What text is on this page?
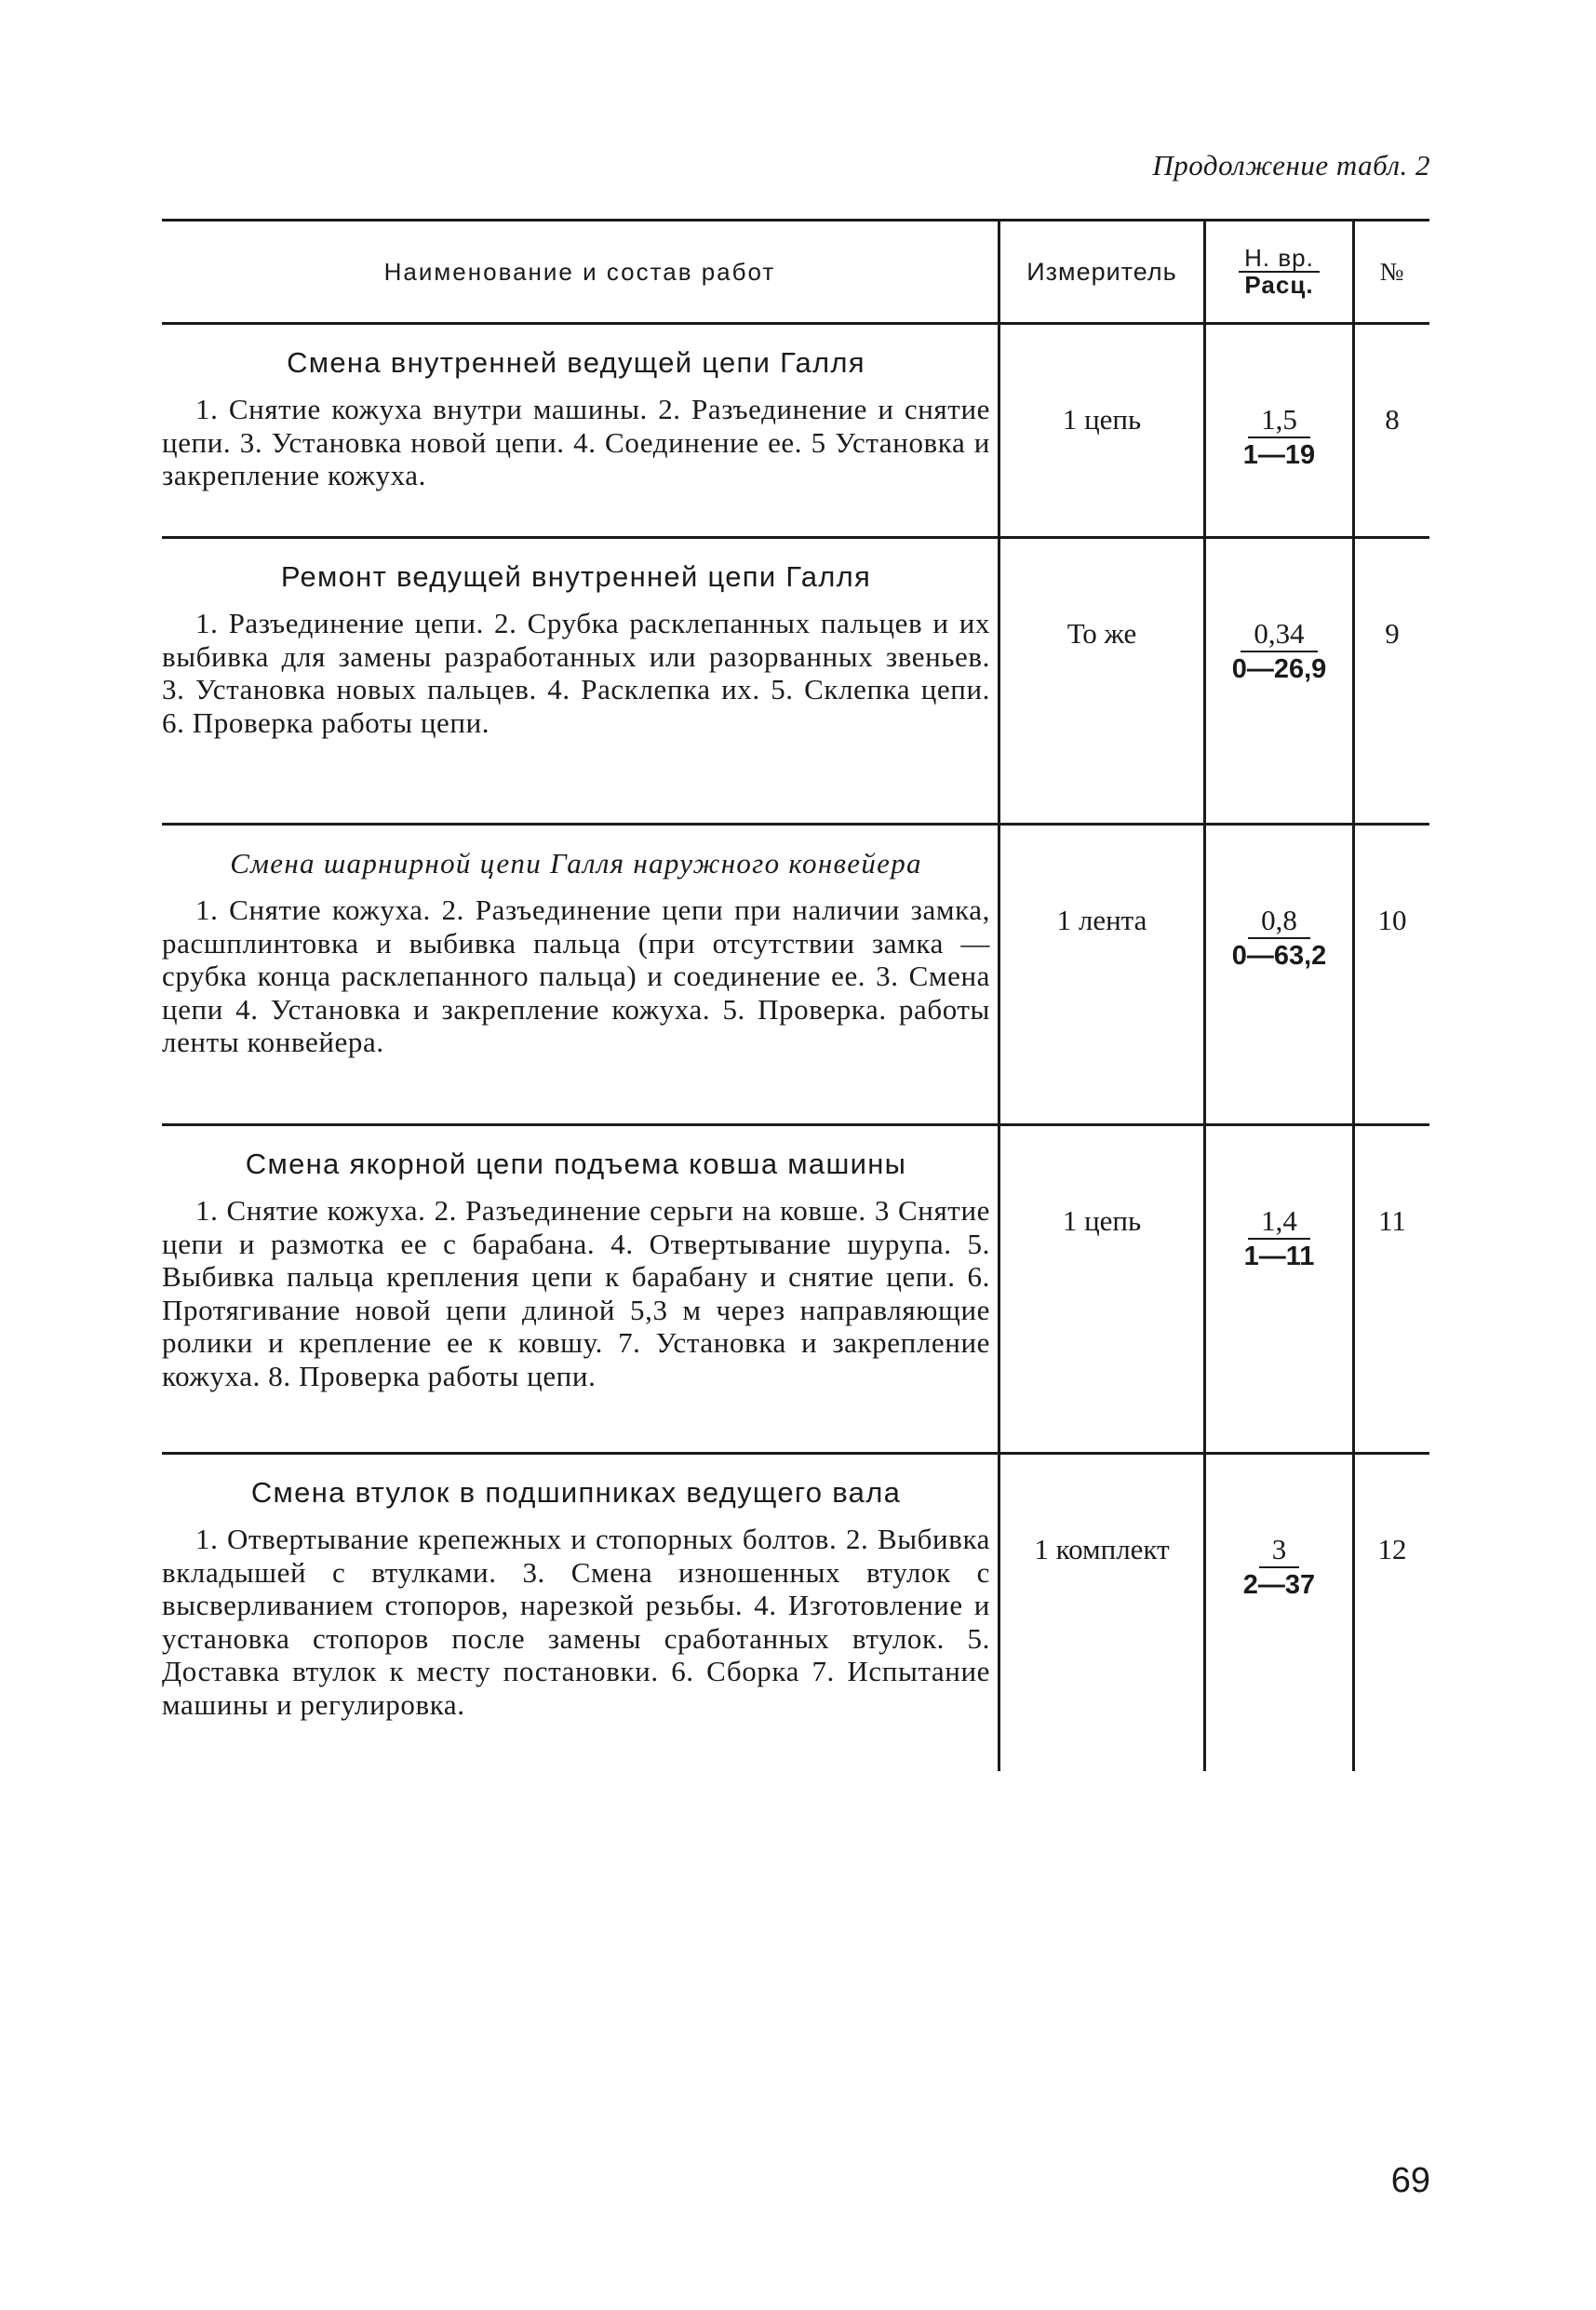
Продолжение табл. 2
Наименование и состав работ	Измеритель	$\frac{Н. вр.}{\text{Расц.}}$	№
Смена внутренней ведущей цепи Галля

1. Снятие кожуха внутри машины. 2. Разъединение и снятие цепи. 3. Установка новой цепи. 4. Соединение ее. 5 Установка и закрепление кожуха.

1 цепь	$\frac{1,5}{1—19}$	8
Ремонт ведущей внутренней цепи Галля

1. Разъединение цепи. 2. Срубка расклепанных пальцев и их выбивка для замены разработанных или разорванных звеньев. 3. Установка новых пальцев. 4. Расклепка их. 5. Склепка цепи. 6. Проверка работы цепи.

То же	$\frac{0,34}{0—26,9}$	9
Смена шарнирной цепи Галля наружного конвейера

1. Снятие кожуха. 2. Разъединение цепи при наличии замка, расшплинтовка и выбивка пальца (при отсутствии замка — срубка конца расклепанного пальца) и соединение ее. 3. Смена цепи 4. Установка и закрепление кожуха. 5. Проверка. работы ленты конвейера.

1 лента	$\frac{0,8}{0—63,2}$	10
Смена якорной цепи подъема ковша машины

1. Снятие кожуха. 2. Разъединение серьги на ковше. 3 Снятие цепи и размотка ее с барабана. 4. Отвертывание шурупа. 5. Выбивка пальца крепления цепи к барабану и снятие цепи. 6. Протягивание новой цепи длиной 5,3 м через направляющие ролики и крепление ее к ковшу. 7. Установка и закрепление кожуха. 8. Проверка работы цепи.

1 цепь	$\frac{1,4}{1—11}$	11
Смена втулок в подшипниках ведущего вала

1. Отвертывание крепежных и стопорных болтов. 2. Выбивка вкладышей с втулками. 3. Смена изношенных втулок с высверливанием стопоров, нарезкой резьбы. 4. Изготовление и установка стопоров после замены сработанных втулок. 5. Доставка втулок к месту постановки. 6. Сборка 7. Испытание машины и регулировка.

1 комплект	$\frac{3}{2—37}$	12
69
